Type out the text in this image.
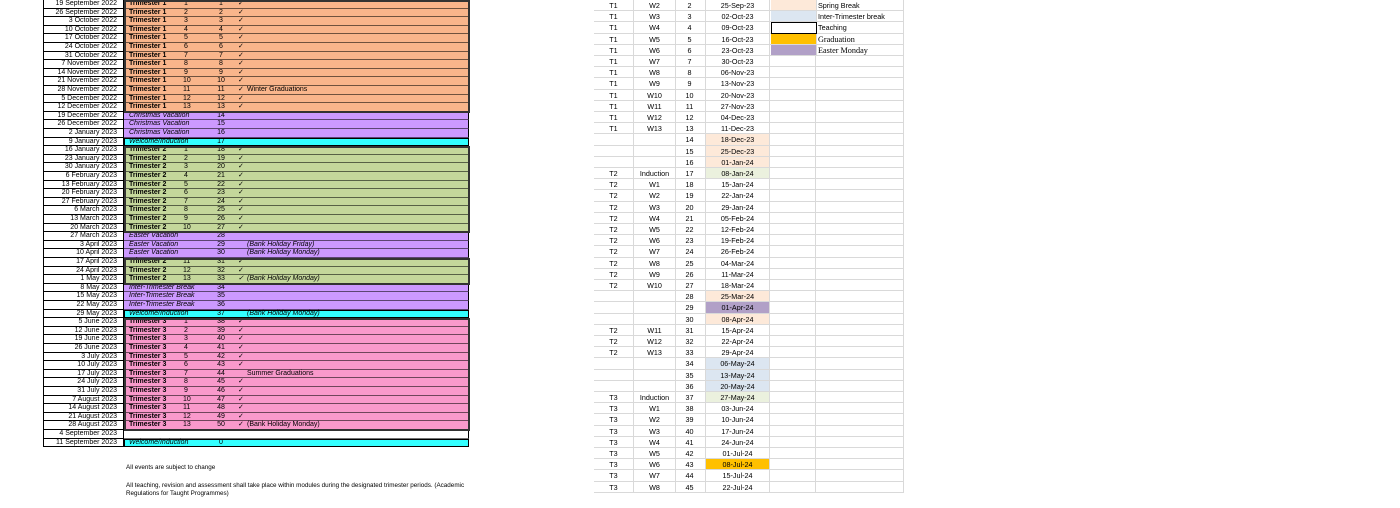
19 September 2022	Trimester 1	1	1	✓
26 September 2022	Trimester 1	2	2	✓
3 October 2022	Trimester 1	3	3	✓
10 October 2022	Trimester 1	4	4	✓
17 October 2022	Trimester 1	5	5	✓
24 October 2022	Trimester 1	6	6	✓
31 October 2022	Trimester 1	7	7	✓
7 November 2022	Trimester 1	8	8	✓
14 November 2022	Trimester 1	9	9	✓
21 November 2022	Trimester 1	10	10	✓
28 November 2022	Trimester 1	11	11	✓ Winter Graduations
5 December 2022	Trimester 1	12	12	✓
12 December 2022	Trimester 1	13	13	✓
19 December 2022	Christmas Vacation	14
26 December 2022	Christmas Vacation	15
2 January 2023	Christmas Vacation	16
9 January 2023	Welcome/Induction	17
16 January 2023	Trimester 2	1	18	✓
23 January 2023	Trimester 2	2	19	✓
30 January 2023	Trimester 2	3	20	✓
6 February 2023	Trimester 2	4	21	✓
13 February 2023	Trimester 2	5	22	✓
20 February 2023	Trimester 2	6	23	✓
27 February 2023	Trimester 2	7	24	✓
6 March 2023	Trimester 2	8	25	✓
13 March 2023	Trimester 2	9	26	✓
20 March 2023	Trimester 2	10	27	✓
27 March 2023	Easter Vacation	28
3 April 2023	Easter Vacation	29	(Bank Holiday Friday)
10 April 2023	Easter Vacation	30	(Bank Holiday Monday)
17 April 2023	Trimester 2	11	31	✓
24 April 2023	Trimester 2	12	32	✓
1 May 2023	Trimester 2	13	33	✓ (Bank Holiday Monday)
8 May 2023	Inter-Trimester Break	34
15 May 2023	Inter-Trimester Break	35
22 May 2023	Inter-Trimester Break	36
29 May 2023	Welcome/Induction	37	(Bank Holiday Monday)
5 June 2023	Trimester 3	1	38	✓
12 June 2023	Trimester 3	2	39	✓
19 June 2023	Trimester 3	3	40	✓
26 June 2023	Trimester 3	4	41	✓
3 July 2023	Trimester 3	5	42	✓
10 July 2023	Trimester 3	6	43	✓
17 July 2023	Trimester 3	7	44	Summer Graduations
24 July 2023	Trimester 3	8	45	✓
31 July 2023	Trimester 3	9	46	✓
7 August 2023	Trimester 3	10	47	✓
14 August 2023	Trimester 3	11	48	✓
21 August 2023	Trimester 3	12	49	✓
28 August 2023	Trimester 3	13	50	✓ (Bank Holiday Monday)
4 September 2023
11 September 2023	Welcome/Induction	0

All events are subject to change

All teaching, revision and assessment shall take place within modules during the designated trimester periods. (Academic Regulations for Taught Programmes)

T1	W2	2	25-Sep-23
T1	W3	3	02-Oct-23
T1	W4	4	09-Oct-23
T1	W5	5	16-Oct-23
T1	W6	6	23-Oct-23
T1	W7	7	30-Oct-23
T1	W8	8	06-Nov-23
T1	W9	9	13-Nov-23
T1	W10	10	20-Nov-23
T1	W11	11	27-Nov-23
T1	W12	12	04-Dec-23
T1	W13	13	11-Dec-23
14	18-Dec-23
15	25-Dec-23
16	01-Jan-24
T2	Induction	17	08-Jan-24
T2	W1	18	15-Jan-24
T2	W2	19	22-Jan-24
T2	W3	20	29-Jan-24
T2	W4	21	05-Feb-24
T2	W5	22	12-Feb-24
T2	W6	23	19-Feb-24
T2	W7	24	26-Feb-24
T2	W8	25	04-Mar-24
T2	W9	26	11-Mar-24
T2	W10	27	18-Mar-24
28	25-Mar-24
29	01-Apr-24
30	08-Apr-24
T2	W11	31	15-Apr-24
T2	W12	32	22-Apr-24
T2	W13	33	29-Apr-24
34	06-May-24
35	13-May-24
36	20-May-24
T3	Induction	37	27-May-24
T3	W1	38	03-Jun-24
T3	W2	39	10-Jun-24
T3	W3	40	17-Jun-24
T3	W4	41	24-Jun-24
T3	W5	42	01-Jul-24
T3	W6	43	08-Jul-24
T3	W7	44	15-Jul-24
T3	W8	45	22-Jul-24
Spring Break
Inter-Trimester break
Teaching
Graduation
Easter Monday
